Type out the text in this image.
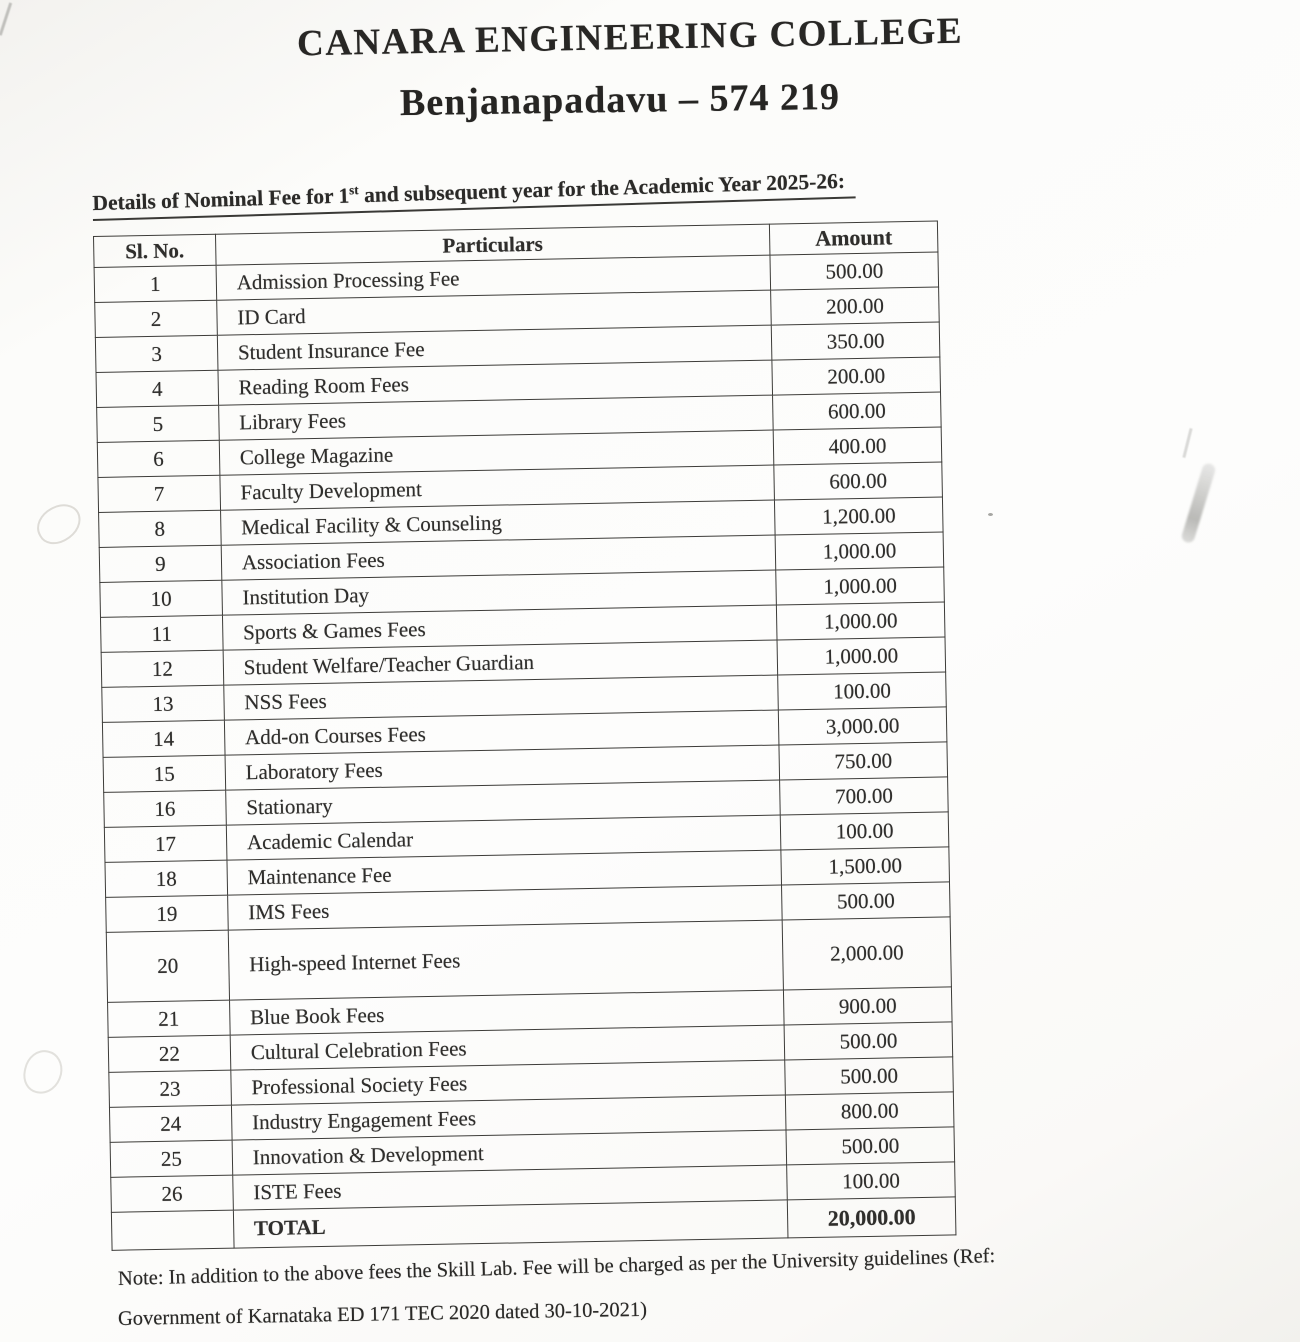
CANARA ENGINEERING COLLEGE
Benjanapadavu – 574 219
Details of Nominal Fee for 1st and subsequent year for the Academic Year 2025-26:
Sl. No.	Particulars	Amount
1	Admission Processing Fee	500.00
2	ID Card	200.00
3	Student Insurance Fee	350.00
4	Reading Room Fees	200.00
5	Library Fees	600.00
6	College Magazine	400.00
7	Faculty Development	600.00
8	Medical Facility & Counseling	1,200.00
9	Association Fees	1,000.00
10	Institution Day	1,000.00
11	Sports & Games Fees	1,000.00
12	Student Welfare/Teacher Guardian	1,000.00
13	NSS Fees	100.00
14	Add-on Courses Fees	3,000.00
15	Laboratory Fees	750.00
16	Stationary	700.00
17	Academic Calendar	100.00
18	Maintenance Fee	1,500.00
19	IMS Fees	500.00
20	High-speed Internet Fees	2,000.00
21	Blue Book Fees	900.00
22	Cultural Celebration Fees	500.00
23	Professional Society Fees	500.00
24	Industry Engagement Fees	800.00
25	Innovation & Development	500.00
26	ISTE Fees	100.00
	TOTAL	20,000.00
Note: In addition to the above fees the Skill Lab. Fee will be charged as per the University guidelines (Ref:
Government of Karnataka ED 171 TEC 2020 dated 30-10-2021)
